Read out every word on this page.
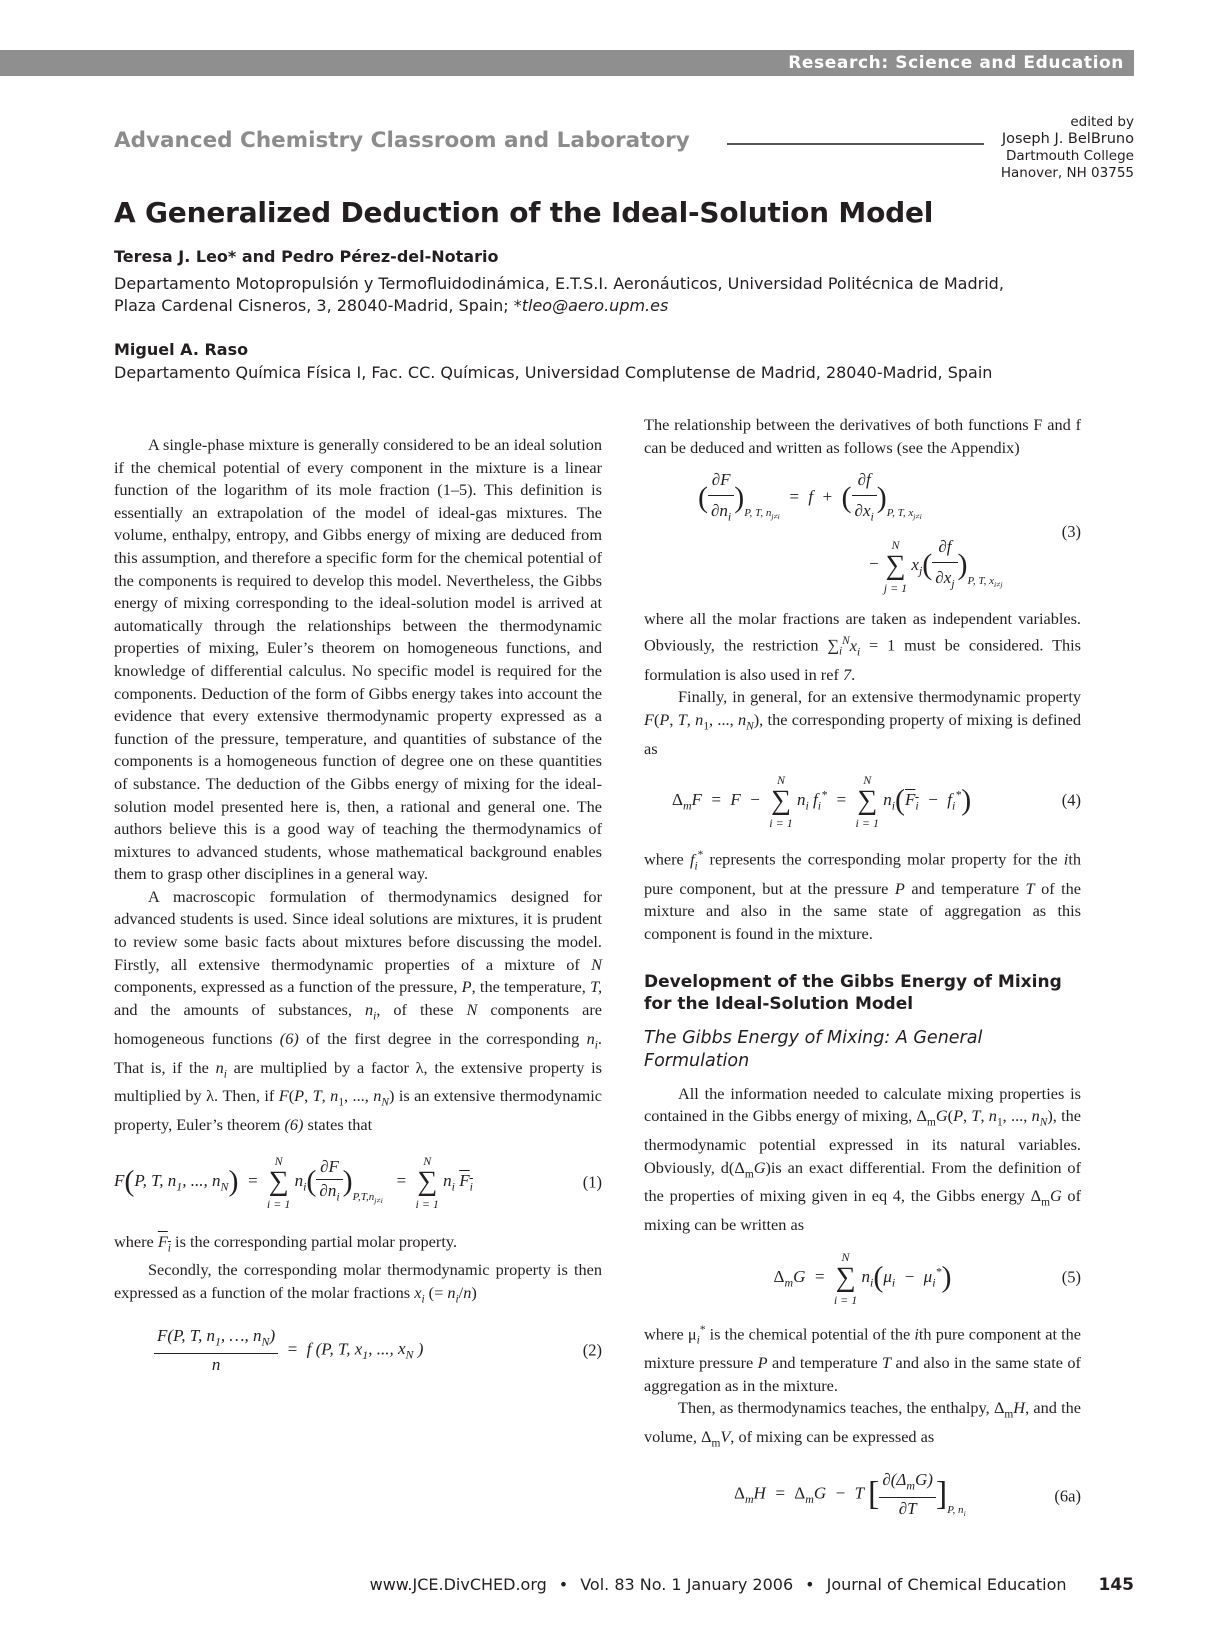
Research: Science and Education
Advanced Chemistry Classroom and Laboratory
edited by
Joseph J. BelBruno
Dartmouth College
Hanover, NH 03755
A Generalized Deduction of the Ideal-Solution Model
Teresa J. Leo* and Pedro Pérez-del-Notario
Departamento Motopropulsión y Termofluidodinámica, E.T.S.I. Aeronáuticos, Universidad Politécnica de Madrid,
Plaza Cardenal Cisneros, 3, 28040-Madrid, Spain; *tleo@aero.upm.es
Miguel A. Raso
Departamento Química Física I, Fac. CC. Químicas, Universidad Complutense de Madrid, 28040-Madrid, Spain

A single-phase mixture is generally considered to be an ideal solution if the chemical potential of every component in the mixture is a linear function of the logarithm of its mole fraction (1–5). This definition is essentially an extrapolation of the model of ideal-gas mixtures. The volume, enthalpy, entropy, and Gibbs energy of mixing are deduced from this assumption, and therefore a specific form for the chemical potential of the components is required to develop this model. Nevertheless, the Gibbs energy of mixing corresponding to the ideal-solution model is arrived at automatically through the relationships between the thermodynamic properties of mixing, Euler’s theorem on homogeneous functions, and knowledge of differential calculus. No specific model is required for the components. Deduction of the form of Gibbs energy takes into account the evidence that every extensive thermodynamic property expressed as a function of the pressure, temperature, and quantities of substance of the components is a homogeneous function of degree one on these quantities of substance. The deduction of the Gibbs energy of mixing for the ideal-solution model presented here is, then, a rational and general one. The authors believe this is a good way of teaching the thermodynamics of mixtures to advanced students, whose mathematical background enables them to grasp other disciplines in a general way.

A macroscopic formulation of thermodynamics designed for advanced students is used. Since ideal solutions are mixtures, it is prudent to review some basic facts about mixtures before discussing the model. Firstly, all extensive thermodynamic properties of a mixture of N components, expressed as a function of the pressure, P, the temperature, T, and the amounts of substances, $n_i$, of these N components are homogeneous functions (6) of the first degree in the corresponding $n_i$. That is, if the $n_i$ are multiplied by a factor λ, the extensive property is multiplied by λ. Then, if F(P, T, $n_1$, ..., $n_N$) is an extensive thermodynamic property, Euler’s theorem (6) states that

F(P, T, $n_1$, ..., $n_N) = N$
∑
i = 1 $n_i( \frac{\partial F}{\partial n_i} )_{P,T,n_{j\ne i}} = N$
∑
i = 1 $n_i$ $F_i$	(1)

where $F_i$ is the corresponding partial molar property.

Secondly, the corresponding molar thermodynamic property is then expressed as a function of the molar fractions $x_i$ (= $n_i/n$)

$\frac{F(P, T, n_1, \dots, n_N)}{n} = f$ (P, T, $x_1$, ..., $x_N$ )	(2)

The relationship between the derivatives of both functions F and f can be deduced and written as follows (see the Appendix)

( $\frac{\partial F}{\partial n_i} )_{P, T, n_{j\ne i}} = f$  +  ( $\frac{\partial f}{\partial x_i} )_{P, T, x_{j\ne i}}$
− N
∑
j = 1 $x_j( \frac{\partial f}{\partial x_j} )_{P, T, x_{i\ne j}}$
(3)

where all the molar fractions are taken as independent variables. Obviously, the restriction $\sum_i^Nx_i = 1$ must be considered. This formulation is also used in ref 7.

Finally, in general, for an extensive thermodynamic property F(P, T, $n_1$, ..., $n_N$), the corresponding property of mixing is defined as

$\Delta_mF = F - N$
∑
i = 1 $n_i$ $f_i^* = N$
∑
i = 1 $n_i(F_i - f_i^*)$	(4)

where $f_i^*$ represents the corresponding molar property for the ith pure component, but at the pressure P and temperature T of the mixture and also in the same state of aggregation as this component is found in the mixture.

Development of the Gibbs Energy of Mixing for the Ideal-Solution Model
The Gibbs Energy of Mixing: A General Formulation

All the information needed to calculate mixing properties is contained in the Gibbs energy of mixing, $\Delta_mG(P$, T, $n_1$, ..., $n_N$), the thermodynamic potential expressed in its natural variables. Obviously, $d(\Delta_mG)is$ an exact differential. From the definition of the properties of mixing given in eq 4, the Gibbs energy $\Delta_mG$ of mixing can be written as

$\Delta_mG = N$
∑
i = 1 $n_i(\mu_i - \mu_i^*)$	(5)

where $\mu_i^*$ is the chemical potential of the ith pure component at the mixture pressure P and temperature T and also in the same state of aggregation as in the mixture.

Then, as thermodynamics teaches, the enthalpy, $\Delta_mH$, and the volume, $\Delta_mV$, of mixing can be expressed as

$\Delta_mH = \Delta_mG - T$ [ $\frac{\partial(\Delta_mG)}{\partial T} ]_{P, n_i}$
(6a)
www.JCE.DivCHED.org • Vol. 83 No. 1 January 2006 • Journal of Chemical Education 145
